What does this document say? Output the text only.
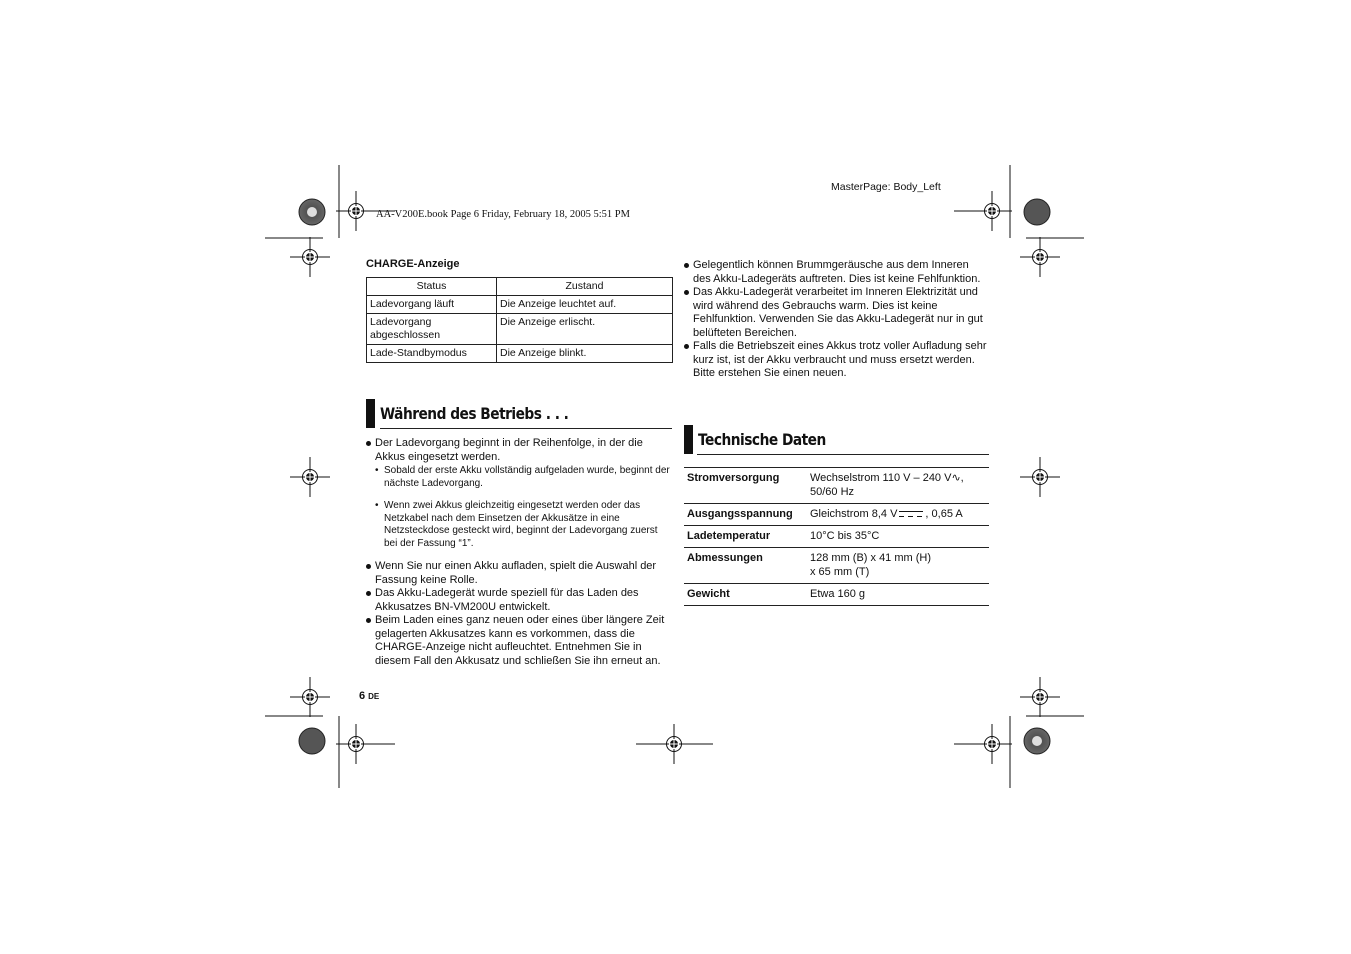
AA-V200E.book Page 6 Friday, February 18, 2005 5:51 PM
MasterPage: Body_Left
CHARGE-Anzeige
Status	Zustand
Ladevorgang läuft	Die Anzeige leuchtet auf.
Ladevorgang abgeschlossen	Die Anzeige erlischt.
Lade-Standbymodus	Die Anzeige blinkt.
Während des Betriebs . . .

Der Ladevorgang beginnt in der Reihenfolge, in der die Akkus eingesetzt werden.

• Sobald der erste Akku vollständig aufgeladen wurde, beginnt der nächste Ladevorgang.

• Wenn zwei Akkus gleichzeitig eingesetzt werden oder das Netzkabel nach dem Einsetzen der Akkusätze in eine Netzsteckdose gesteckt wird, beginnt der Ladevorgang zuerst bei der Fassung “1”.

Wenn Sie nur einen Akku aufladen, spielt die Auswahl der Fassung keine Rolle.

Das Akku-Ladegerät wurde speziell für das Laden des Akkusatzes BN-VM200U entwickelt.

Beim Laden eines ganz neuen oder eines über längere Zeit gelagerten Akkusatzes kann es vorkommen, dass die CHARGE-Anzeige nicht aufleuchtet. Entnehmen Sie in diesem Fall den Akkusatz und schließen Sie ihn erneut an.

Gelegentlich können Brummgeräusche aus dem Inneren des Akku-Ladegeräts auftreten. Dies ist keine Fehlfunktion.

Das Akku-Ladegerät verarbeitet im Inneren Elektrizität und wird während des Gebrauchs warm. Dies ist keine Fehlfunktion. Verwenden Sie das Akku-Ladegerät nur in gut belüfteten Bereichen.

Falls die Betriebszeit eines Akkus trotz voller Aufladung sehr kurz ist, ist der Akku verbraucht und muss ersetzt werden. Bitte erstehen Sie einen neuen.

Technische Daten
Stromversorgung	Wechselstrom 110 V – 240 V∿,
50/60 Hz
Ausgangsspannung	Gleichstrom 8,4 V , 0,65 A
Ladetemperatur	10°C bis 35°C
Abmessungen	128 mm (B) x 41 mm (H)
x 65 mm (T)
Gewicht	Etwa 160 g
6 DE
